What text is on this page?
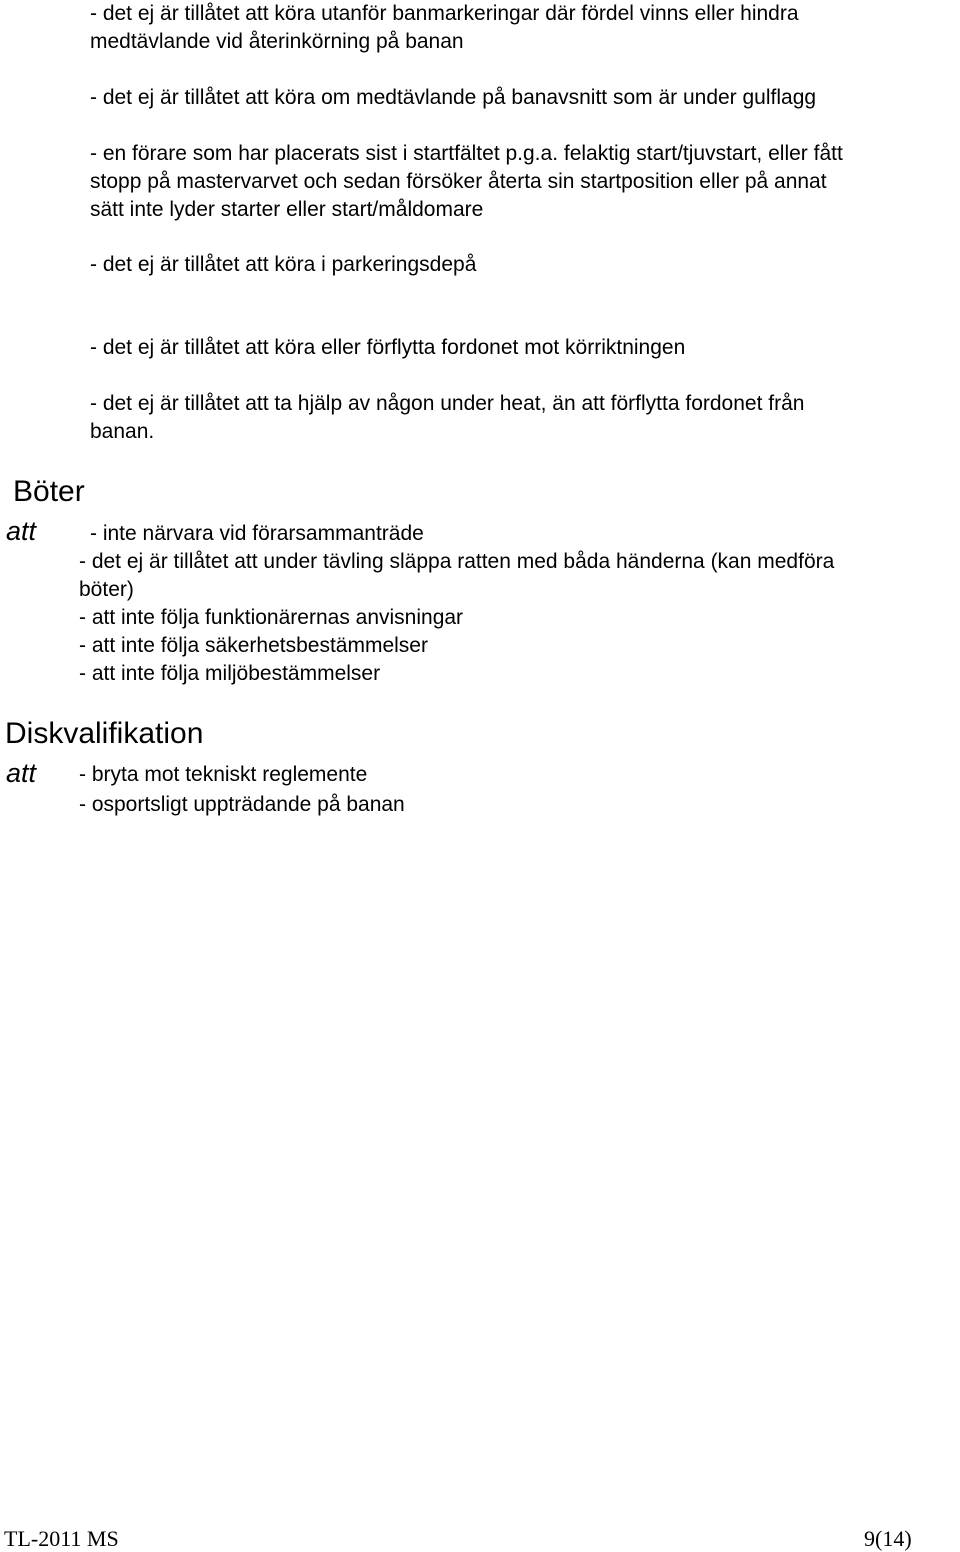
- det ej är tillåtet att köra utanför banmarkeringar där fördel vinns eller hindra
medtävlande vid återinkörning på banan

- det ej är tillåtet att köra om medtävlande på banavsnitt som är under gulflagg

- en förare som har placerats sist i startfältet p.g.a. felaktig start/tjuvstart, eller fått
stopp på mastervarvet och sedan försöker återta sin startposition eller på annat
sätt inte lyder starter eller start/måldomare

- det ej är tillåtet att köra i parkeringsdepå

- det ej är tillåtet att köra eller förflytta fordonet mot körriktningen

- det ej är tillåtet att ta hjälp av någon under heat, än att förflytta fordonet från
banan.

Böter

att	- inte närvara vid förarsammanträde

- det ej är tillåtet att under tävling släppa ratten med båda händerna (kan medföra

böter)

- att inte följa funktionärernas anvisningar

- att inte följa säkerhetsbestämmelser

- att inte följa miljöbestämmelser

Diskvalifikation

att - bryta mot tekniskt reglemente

- osportsligt uppträdande på banan

TL-2011 MS	9(14)
